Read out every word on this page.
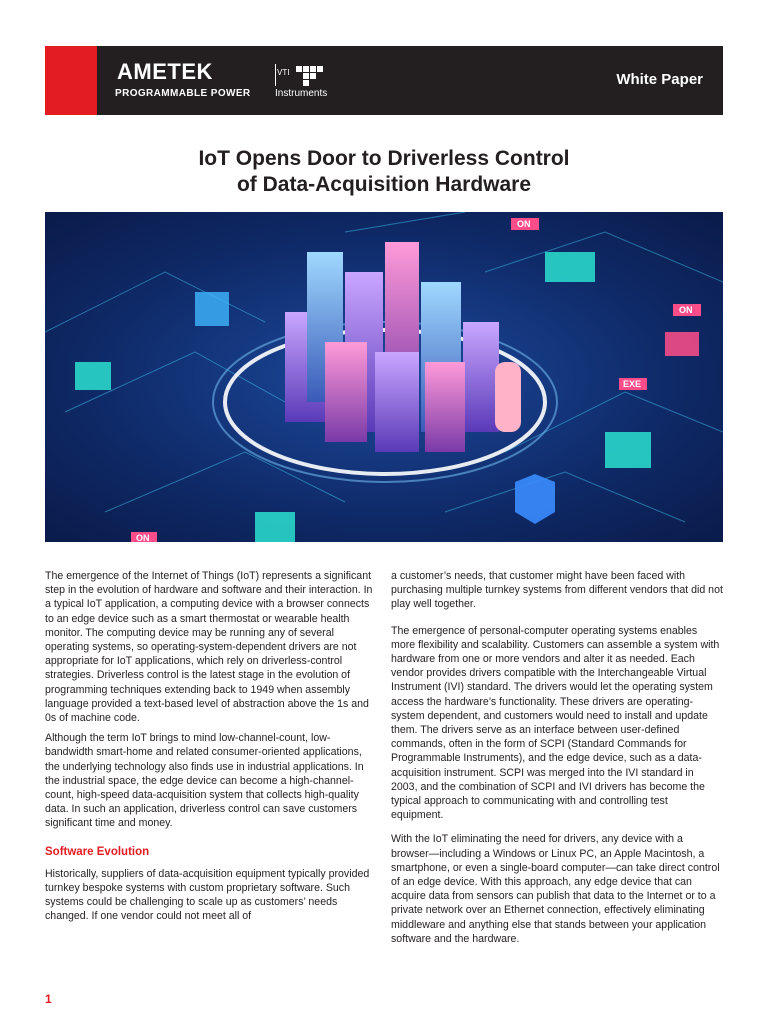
AMETEK
PROGRAMMABLE POWER
VTI
Instruments
White Paper
IoT Opens Door to Driverless Control
of Data-Acquisition Hardware
ON
ON
ON
EXE

The emergence of the Internet of Things (IoT) represents a significant step in the evolution of hardware and software and their interaction. In a typical IoT application, a computing device with a browser connects to an edge device such as a smart thermostat or wearable health monitor. The computing device may be running any of several operating systems, so operating-system-dependent drivers are not appropriate for IoT applications, which rely on driverless-control strategies. Driverless control is the latest stage in the evolution of programming techniques extending back to 1949 when assembly language provided a text-based level of abstraction above the 1s and 0s of machine code.

Although the term IoT brings to mind low-channel-count, low-bandwidth smart-home and related consumer-oriented applications, the underlying technology also finds use in industrial applications. In the industrial space, the edge device can become a high-channel-count, high-speed data-acquisition system that collects high-quality data. In such an application, driverless control can save customers significant time and money.

Software Evolution

Historically, suppliers of data-acquisition equipment typically provided turnkey bespoke systems with custom proprietary software. Such systems could be challenging to scale up as customers’ needs changed. If one vendor could not meet all of

a customer’s needs, that customer might have been faced with purchasing multiple turnkey systems from different vendors that did not play well together.

The emergence of personal-computer operating systems enables more flexibility and scalability. Customers can assemble a system with hardware from one or more vendors and alter it as needed. Each vendor provides drivers compatible with the Interchangeable Virtual Instrument (IVI) standard. The drivers would let the operating system access the hardware’s functionality. These drivers are operating-system dependent, and customers would need to install and update them. The drivers serve as an interface between user-defined commands, often in the form of SCPI (Standard Commands for Programmable Instruments), and the edge device, such as a data-acquisition instrument. SCPI was merged into the IVI standard in 2003, and the combination of SCPI and IVI drivers has become the typical approach to communicating with and controlling test equipment.

With the IoT eliminating the need for drivers, any device with a browser—including a Windows or Linux PC, an Apple Macintosh, a smartphone, or even a single-board computer—can take direct control of an edge device. With this approach, any edge device that can acquire data from sensors can publish that data to the Internet or to a private network over an Ethernet connection, effectively eliminating middleware and anything else that stands between your application software and the hardware.

1
